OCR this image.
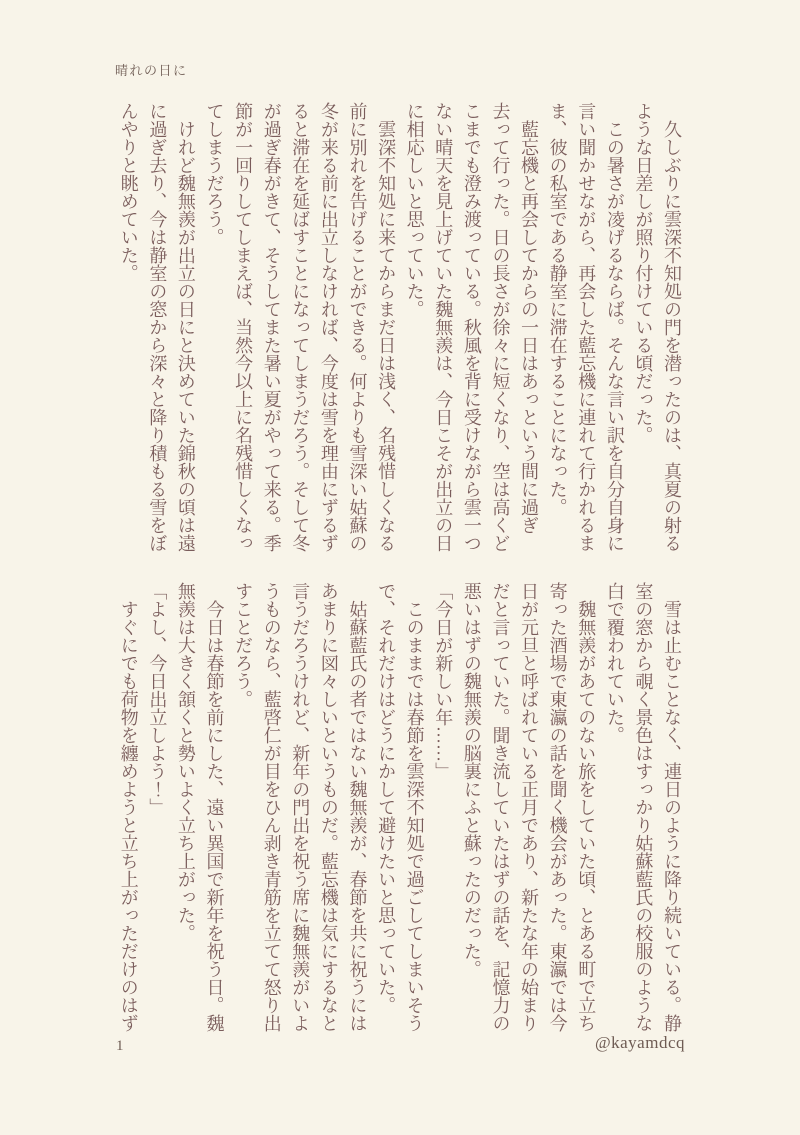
晴れの日に
　久しぶりに雲深不知処の門を潜ったのは、真夏の射る
ような日差しが照り付けている頃だった。
　この暑さが凌げるならば。そんな言い訳を自分自身に
言い聞かせながら、再会した藍忘機に連れて行かれるま
ま、彼の私室である静室に滞在することになった。
　藍忘機と再会してからの一日はあっという間に過ぎ
去って行った。日の長さが徐々に短くなり、空は高くど
こまでも澄み渡っている。秋風を背に受けながら雲一つ
ない晴天を見上げていた魏無羨は、今日こそが出立の日
に相応しいと思っていた。
　雲深不知処に来てからまだ日は浅く、名残惜しくなる
前に別れを告げることができる。何よりも雪深い姑蘇の
冬が来る前に出立しなければ、今度は雪を理由にずるず
ると滞在を延ばすことになってしまうだろう。そして冬
が過ぎ春がきて、そうしてまた暑い夏がやって来る。季
節が一回りしてしまえば、当然今以上に名残惜しくなっ
てしまうだろう。
　けれど魏無羨が出立の日にと決めていた錦秋の頃は遠
に過ぎ去り、今は静室の窓から深々と降り積もる雪をぼ
んやりと眺めていた。
　雪は止むことなく、連日のように降り続いている。静
室の窓から覗く景色はすっかり姑蘇藍氏の校服のような
白で覆われていた。
　魏無羨があてのない旅をしていた頃、とある町で立ち
寄った酒場で東瀛の話を聞く機会があった。東瀛では今
日が元旦と呼ばれている正月であり、新たな年の始まり
だと言っていた。聞き流していたはずの話を、記憶力の
悪いはずの魏無羨の脳裏にふと蘇ったのだった。
「今日が新しい年……」
　このままでは春節を雲深不知処で過ごしてしまいそう
で、それだけはどうにかして避けたいと思っていた。
　姑蘇藍氏の者ではない魏無羨が、春節を共に祝うには
あまりに図々しいというものだ。藍忘機は気にするなと
言うだろうけれど、新年の門出を祝う席に魏無羨がいよ
うものなら、藍啓仁が目をひん剥き青筋を立てて怒り出
すことだろう。
　今日は春節を前にした、遠い異国で新年を祝う日。魏
無羨は大きく頷くと勢いよく立ち上がった。
「よし、今日出立しよう！」
　すぐにでも荷物を纏めようと立ち上がっただけのはず
1	@kayamdcq
